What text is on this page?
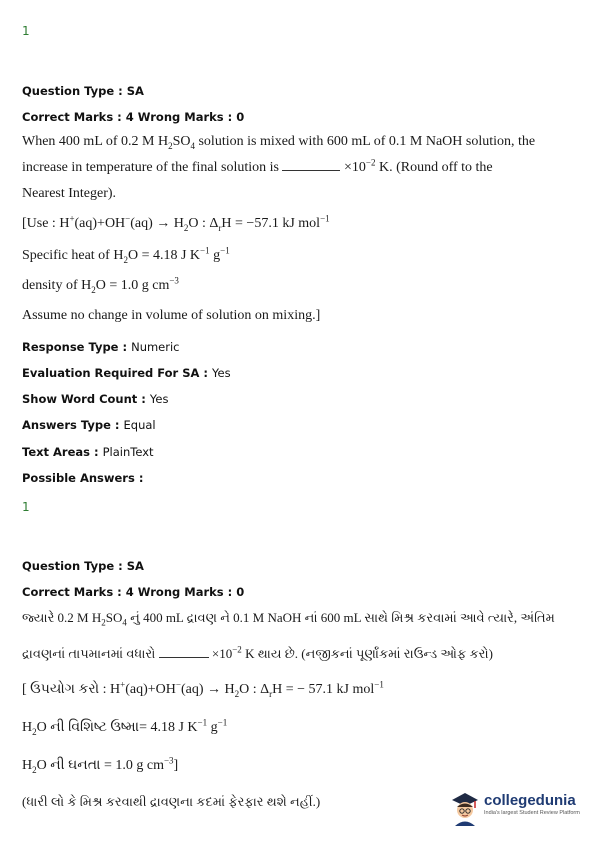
1
Question Type : SA
Correct Marks : 4 Wrong Marks : 0
When 400 mL of 0.2 M $H_2SO_4$ solution is mixed with 600 mL of 0.1 M NaOH solution, the
increase in temperature of the final solution is	$\times 10^{-2}$ K. (Round off to the
Nearest Integer).
[Use : $H^+(aq)+OH^-(aq) \to H_2O$ : $\Delta_rH = -57.1$ kJ mol$^{-1}$
Specific heat of $H_2O = 4.18$ J $K^{-1}$ $g^{-1}$
density of $H_2O = 1.0$ g $cm^{-3}$
Assume no change in volume of solution on mixing.]
Response Type : Numeric
Evaluation Required For SA : Yes
Show Word Count : Yes
Answers Type : Equal
Text Areas : PlainText
Possible Answers :
1
Question Type : SA
Correct Marks : 4 Wrong Marks : 0
જ્યારે 0.2 M $H_2SO_4$ નું 400 mL દ્રાવણ ને 0.1 M NaOH નાં 600 mL સાથે મિશ્ર કરવામાં આવે ત્યારે, અંતિમ
દ્રાવણનાં તાપમાનમાં વધારો	$\times 10^{-2}$ K થાય છે. (નજીકનાં પૂર્ણાંકમાં રાઉન્ડ ઓફ કરો)
[ ઉપયોગ કરો : $H^+(aq)+OH^-(aq) \to H_2O$ : $\Delta_rH$ = − 57.1 kJ mol$^{-1}$
$H_2O$ ની વિશિષ્ટ ઉષ્મા= 4.18 J $K^{-1}$ $g^{-1}$
$H_2O$ ની ઘનતા = 1.0 g $cm^{-3}$]
(ધારી લો કે મિશ્ર કરવાથી દ્રાવણના કદમાં ફેરફાર થશે નહીં.)	collegedunia
India's largest Student Review Platform
